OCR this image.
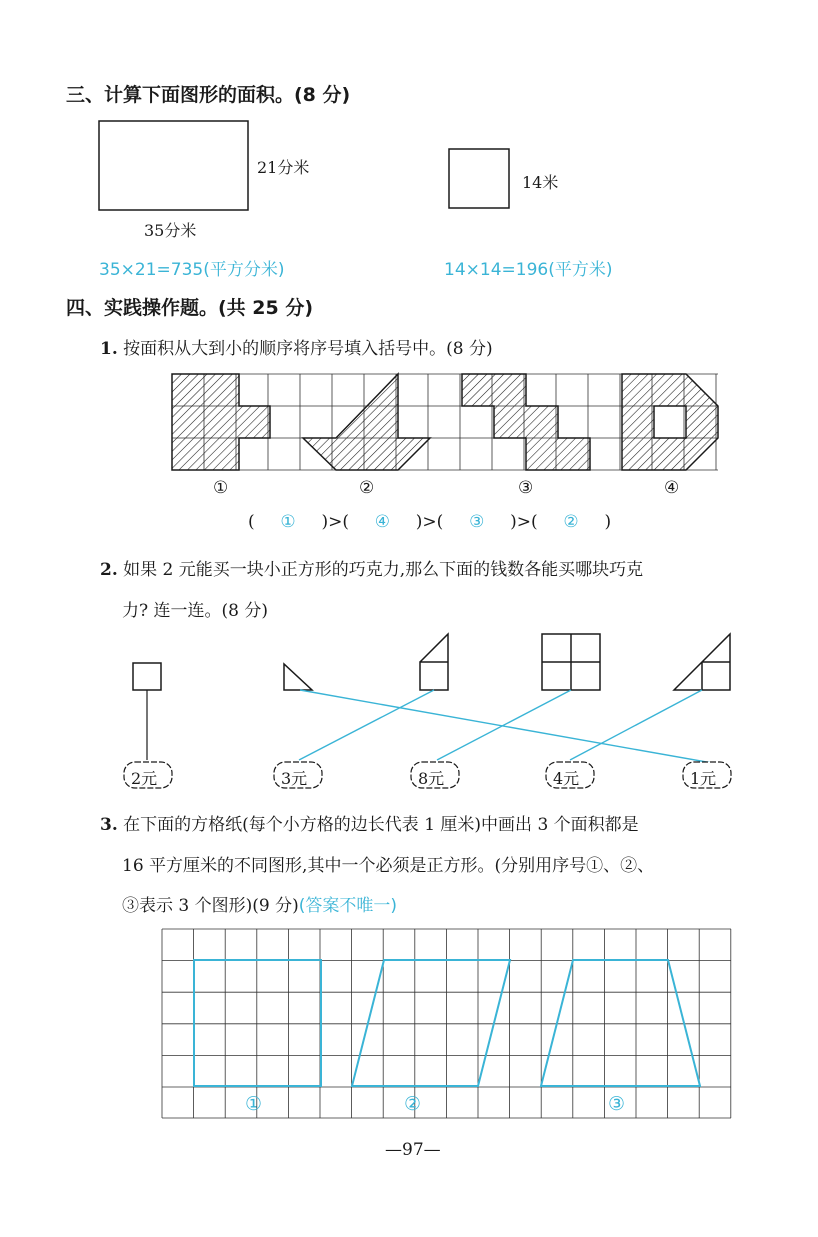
三、计算下面图形的面积。(8 分)
21分米
35分米
14米
35×21=735(平方分米)	14×14=196(平方米)
四、实践操作题。(共 25 分)
1. 按面积从大到小的顺序将序号填入括号中。(8 分)
①	②	③	④
( ① )>( ④ )>( ③ )>( ② )
2. 如果 2 元能买一块小正方形的巧克力,那么下面的钱数各能买哪块巧克
力? 连一连。(8 分)
2元	3元	8元	4元	1元
3. 在下面的方格纸(每个小方格的边长代表 1 厘米)中画出 3 个面积都是
16 平方厘米的不同图形,其中一个必须是正方形。(分别用序号①、②、
③表示 3 个图形)(9 分)(答案不唯一)
①	②	③
—97—
